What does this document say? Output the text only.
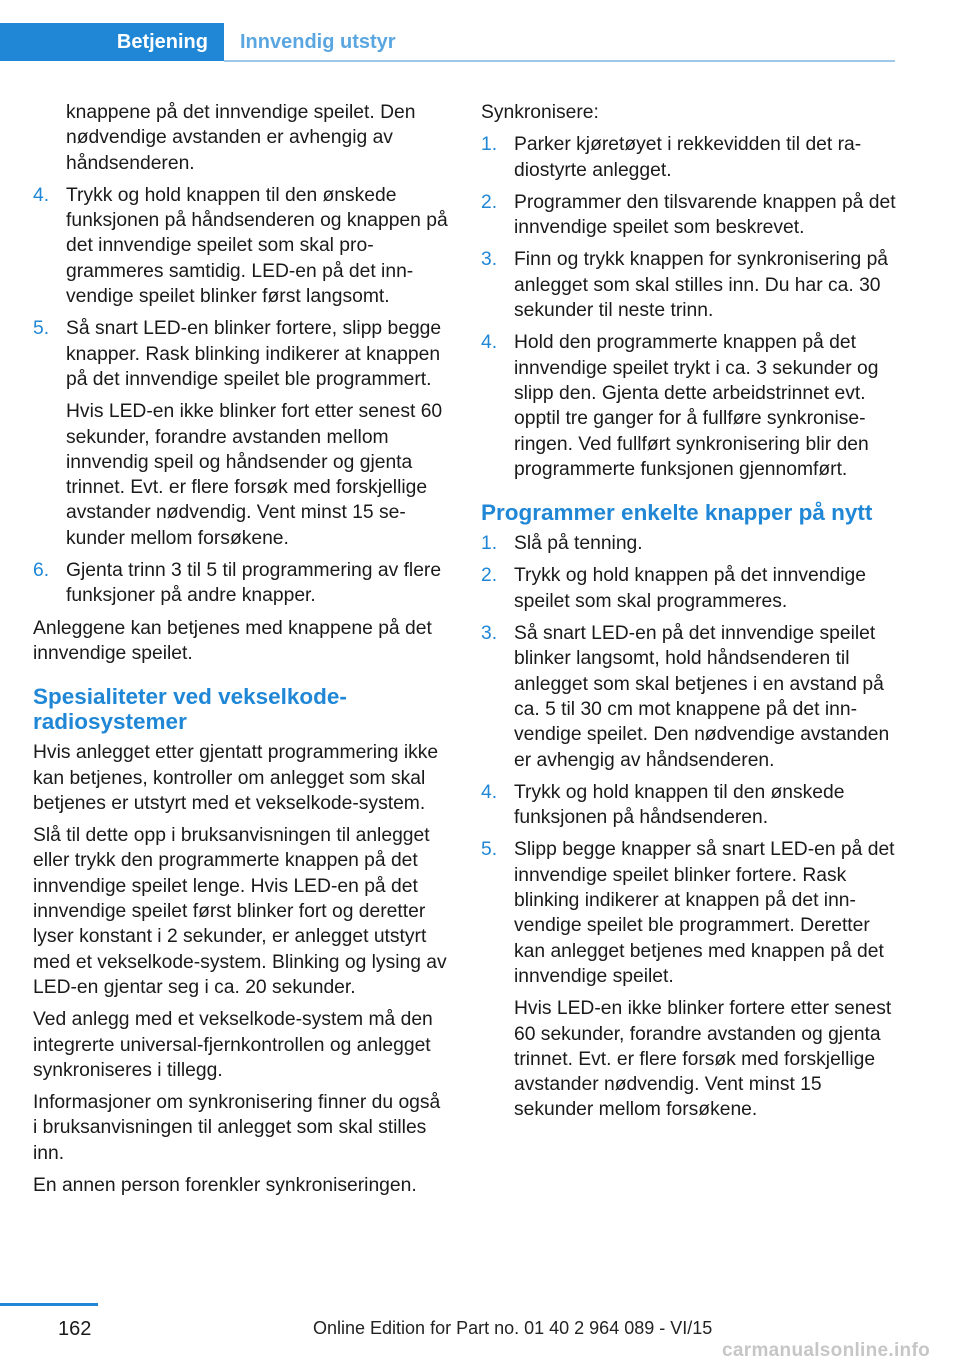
Betjening Innvendig utstyr

knappene på det innvendige speilet. Den nødvendige avstanden er avhengig av håndsenderen.

4. Trykk og hold knappen til den ønskede funksjonen på håndsenderen og knappen på det innvendige speilet som skal programmeres samtidig. LED-en på det innvendige speilet blinker først langsomt.

5. Så snart LED-en blinker fortere, slipp begge knapper. Rask blinking indikerer at knappen på det innvendige speilet ble programmert.

Hvis LED-en ikke blinker fort etter senest 60 sekunder, forandre avstanden mellom innvendig speil og håndsender og gjenta trinnet. Evt. er flere forsøk med forskjellige avstander nødvendig. Vent minst 15 sekunder mellom forsøkene.

6. Gjenta trinn 3 til 5 til programmering av flere funksjoner på andre knapper.

Anleggene kan betjenes med knappene på det innvendige speilet.

Spesialiteter ved vekselkode-radiosystemer

Hvis anlegget etter gjentatt programmering ikke kan betjenes, kontroller om anlegget som skal betjenes er utstyrt med et vekselkode-system.

Slå til dette opp i bruksanvisningen til anlegget eller trykk den programmerte knappen på det innvendige speilet lenge. Hvis LED-en på det innvendige speilet først blinker fort og deretter lyser konstant i 2 sekunder, er anlegget utstyrt med et vekselkode-system. Blinking og lysing av LED-en gjentar seg i ca. 20 sekunder.

Ved anlegg med et vekselkode-system må den integrerte universal-fjernkontrollen og anlegget synkroniseres i tillegg.

Informasjoner om synkronisering finner du også i bruksanvisningen til anlegget som skal stilles inn.

En annen person forenkler synkroniseringen.

Synkronisere:

1. Parker kjøretøyet i rekkevidden til det radiostyrte anlegget.

2. Programmer den tilsvarende knappen på det innvendige speilet som beskrevet.

3. Finn og trykk knappen for synkronisering på anlegget som skal stilles inn. Du har ca. 30 sekunder til neste trinn.

4. Hold den programmerte knappen på det innvendige speilet trykt i ca. 3 sekunder og slipp den. Gjenta dette arbeidstrinnet evt. opptil tre ganger for å fullføre synkroniseringen. Ved fullført synkronisering blir den programmerte funksjonen gjennomført.

Programmer enkelte knapper på nytt
1. Slå på tenning.

2. Trykk og hold knappen på det innvendige speilet som skal programmeres.

3. Så snart LED-en på det innvendige speilet blinker langsomt, hold håndsenderen til anlegget som skal betjenes i en avstand på ca. 5 til 30 cm mot knappene på det innvendige speilet. Den nødvendige avstanden er avhengig av håndsenderen.

4. Trykk og hold knappen til den ønskede funksjonen på håndsenderen.

5. Slipp begge knapper så snart LED-en på det innvendige speilet blinker fortere. Rask blinking indikerer at knappen på det innvendige speilet ble programmert. Deretter kan anlegget betjenes med knappen på det innvendige speilet.

Hvis LED-en ikke blinker fortere etter senest 60 sekunder, forandre avstanden og gjenta trinnet. Evt. er flere forsøk med forskjellige avstander nødvendig. Vent minst 15 sekunder mellom forsøkene.

162	Online Edition for Part no. 01 40 2 964 089 - VI/15
carmanualsonline.info
